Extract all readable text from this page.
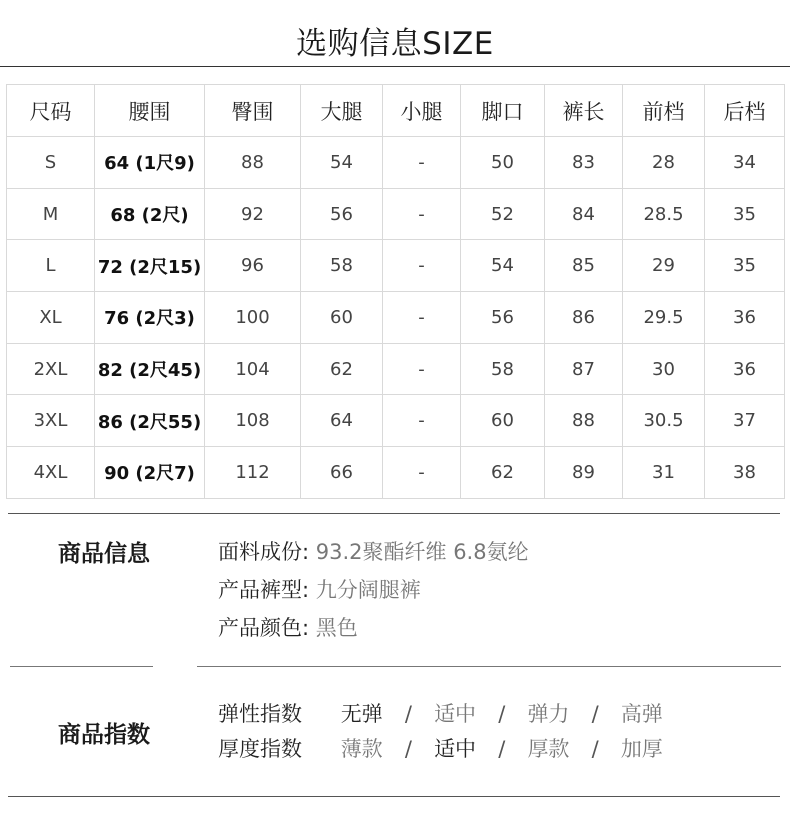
选购信息SIZE
尺码	腰围	臀围	大腿	小腿	脚口	裤长	前档	后档
S	64 (1尺9)	88	54	-	50	83	28	34
M	68 (2尺)	92	56	-	52	84	28.5	35
L	72 (2尺15)	96	58	-	54	85	29	35
XL	76 (2尺3)	100	60	-	56	86	29.5	36
2XL	82 (2尺45)	104	62	-	58	87	30	36
3XL	86 (2尺55)	108	64	-	60	88	30.5	37
4XL	90 (2尺7)	112	66	-	62	89	31	38
商品信息	面料成份: 93.2聚酯纤维 6.8氨纶
产品裤型: 九分阔腿裤
产品颜色: 黑色
商品指数
弹性指数 无弹 / 适中 / 弹力 / 高弹
厚度指数 薄款 / 适中 / 厚款 / 加厚
